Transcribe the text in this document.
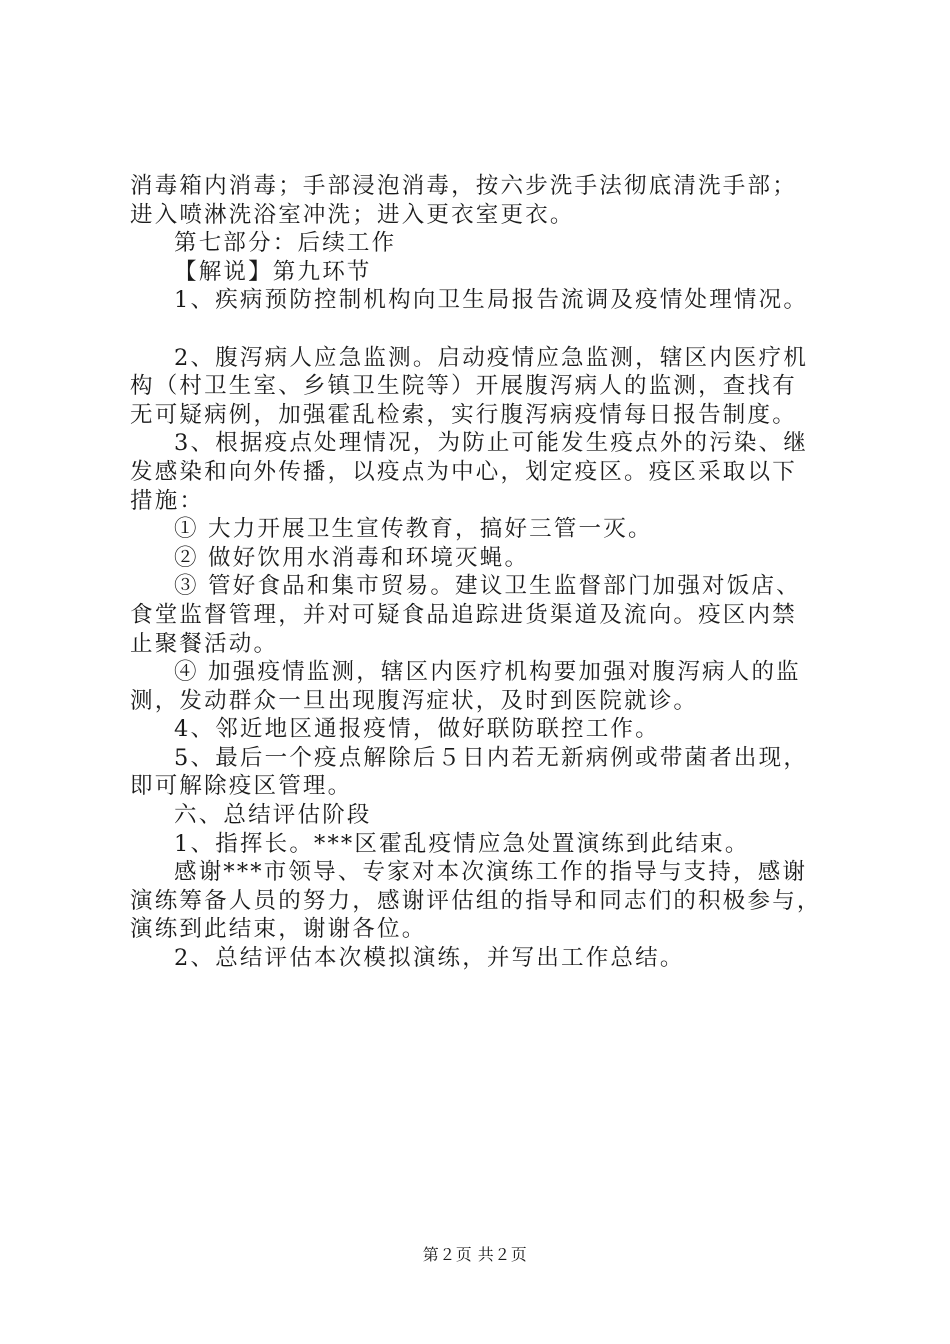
消毒箱内消毒；手部浸泡消毒，按六步洗手法彻底清洗手部；

进入喷淋洗浴室冲洗；进入更衣室更衣。

第七部分：后续工作

【解说】第九环节

1、疾病预防控制机构向卫生局报告流调及疫情处理情况。

2、腹泻病人应急监测。启动疫情应急监测，辖区内医疗机

构（村卫生室、乡镇卫生院等）开展腹泻病人的监测，查找有

无可疑病例，加强霍乱检索，实行腹泻病疫情每日报告制度。

3、根据疫点处理情况，为防止可能发生疫点外的污染、继

发感染和向外传播，以疫点为中心，划定疫区。疫区采取以下

措施：

① 大力开展卫生宣传教育，搞好三管一灭。

② 做好饮用水消毒和环境灭蝇。

③ 管好食品和集市贸易。建议卫生监督部门加强对饭店、

食堂监督管理，并对可疑食品追踪进货渠道及流向。疫区内禁

止聚餐活动。

④ 加强疫情监测，辖区内医疗机构要加强对腹泻病人的监

测，发动群众一旦出现腹泻症状，及时到医院就诊。

4、邻近地区通报疫情，做好联防联控工作。

5、最后一个疫点解除后５日内若无新病例或带菌者出现，

即可解除疫区管理。

六、总结评估阶段

1、指挥长。***区霍乱疫情应急处置演练到此结束。

感谢***市领导、专家对本次演练工作的指导与支持，感谢

演练筹备人员的努力，感谢评估组的指导和同志们的积极参与，

演练到此结束，谢谢各位。

2、总结评估本次模拟演练，并写出工作总结。

第２页 共２页
